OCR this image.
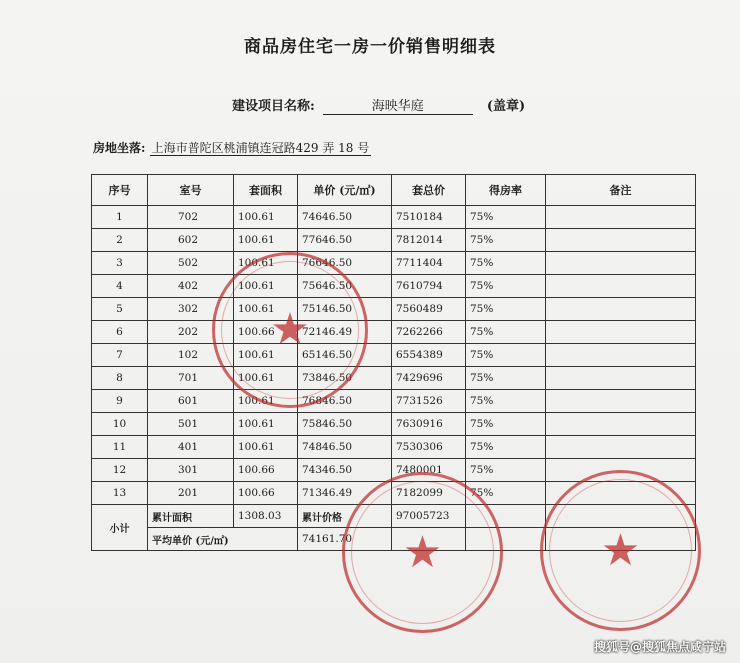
商品房住宅一房一价销售明细表
建设项目名称:	海映华庭	(盖章)
房地坐落: 上海市普陀区桃浦镇连冠路429 弄 18 号
序号	室号	套面积	单价 (元/㎡)	套总价	得房率	备注
1	702	100.61	74646.50	7510184	75%	
2	602	100.61	77646.50	7812014	75%	
3	502	100.61	76646.50	7711404	75%	
4	402	100.61	75646.50	7610794	75%	
5	302	100.61	75146.50	7560489	75%	
6	202	100.66	72146.49	7262266	75%	
7	102	100.61	65146.50	6554389	75%	
8	701	100.61	73846.50	7429696	75%	
9	601	100.61	76846.50	7731526	75%	
10	501	100.61	75846.50	7630916	75%	
11	401	100.61	74846.50	7530306	75%	
12	301	100.66	74346.50	7480001	75%	
13	201	100.66	71346.49	7182099	75%	
小计	累计面积	1308.03	累计价格	97005723		
	平均单价 (元/㎡)		74161.70			
★
★	★
搜狐号@搜狐焦点咸宁站
